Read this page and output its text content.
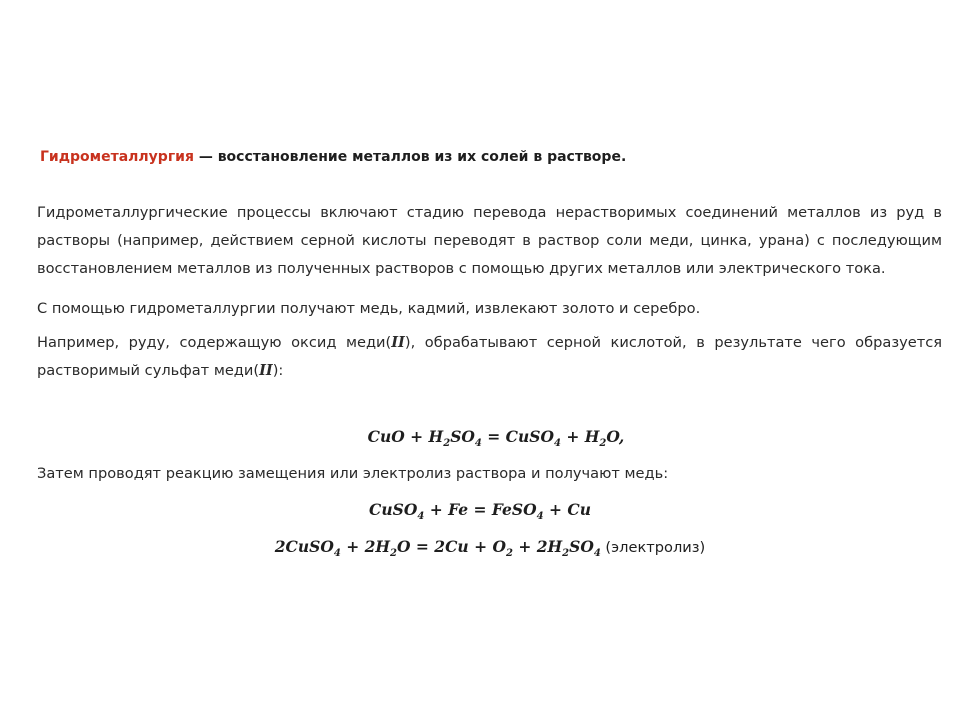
Гидрометаллургия — восстановление металлов из их солей в растворе.
Гидрометаллургические процессы включают стадию перевода нерастворимых соединений металлов из руд в растворы (например, действием серной кислоты переводят в раствор соли меди, цинка, урана) с последующим восстановлением металлов из полученных растворов с помощью других металлов или электрического тока.
С помощью гидрометаллургии получают медь, кадмий, извлекают золото и серебро.
Например, руду, содержащую оксид меди(II), обрабатывают серной кислотой, в результате чего образуется растворимый сульфат меди(II):
CuO + $H_2SO_4$ = CuSO$_4$ + $H_2O$,
Затем проводят реакцию замещения или электролиз раствора и получают медь:
CuSO$_4$ + Fe = FeSO$_4$ + Cu
2CuSO$_4$ + $2H_2O = 2Cu + O_2 + 2H_2SO_4$ (электролиз)
